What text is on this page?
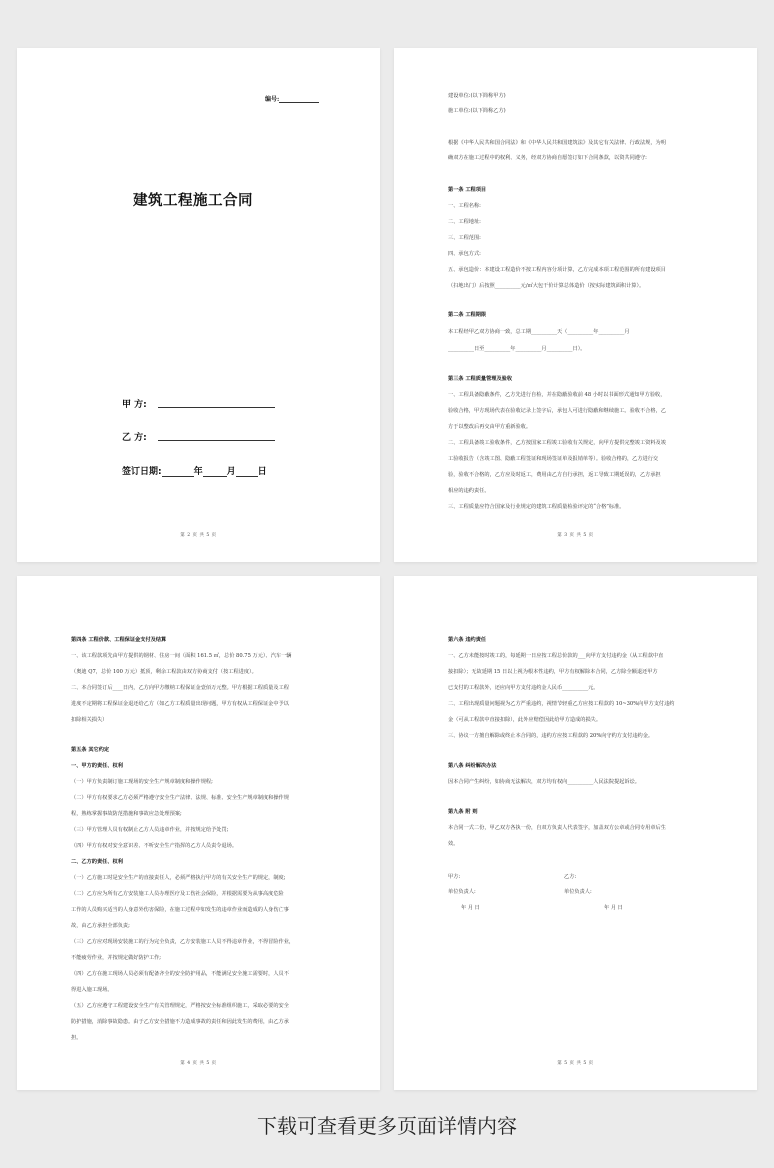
编号:
建筑工程施工合同
甲 方:
乙 方:
签订日期:	年	月 日
第 2 页 共 5 页
建设单位:(以下简称甲方)
施工单位:(以下简称乙方)
根据《中华人民共和国合同法》和《中华人民共和国建筑法》及其它有关法律、行政法规，为明
确双方在施工过程中的权利、义务，经双方协商自愿签订如下合同条款，以资共同遵守:
第一条 工程项目
一、工程名称:
二、工程地址:
三、工程范围:
四、承包方式:
五、承包造价：本建设工程造价不按工程内容分项计算，乙方完成本项工程范围的所有建设项目
（扫地出门）后按照__________元/㎡大包干价计算总体造价（按实际建筑面积计算）。
第二条 工程期限
本工程经甲乙双方协商一致，总工期__________天（__________年__________月
__________日至__________年__________月__________日）。
第三条 工程质量管理及验收
一、工程具备隐蔽条件，乙方先进行自检，并在隐蔽验收前 48 小时以书面形式通知甲方验收，
验收合格，甲方现场代表在验收记录上签字后，承包人可进行隐蔽和继续施工。验收不合格，乙
方于以整改后再交由甲方重新验收。
二、工程具备竣工验收条件，乙方按国家工程竣工验收有关规定，向甲方提供完整竣工资料及竣
工验收报告（含竣工图、隐蔽工程签证和现场签证单及报销单等）。验收合格的，乙方进行交
验，验收不合格的，乙方应及时返工，费用由乙方自行承担，返工导致工期延误的，乙方承担
相应的违约责任。
三、工程质量应符合国家及行业规定的建筑工程质量检验评定的“合格”标准。
第 3 页 共 5 页
第四条 工程价款、工程保证金支付及结算
一、该工程款项先由甲方提供的钢材、住房一间（面积 161.5 ㎡，总价 80.75 万元）、汽车一辆
（奥迪 Q7，总价 100 万元）抵顶，剩余工程款由双方协商支付（按工程进度）。
二、本合同签订后____日内，乙方向甲方缴纳工程保证金壹佰万元整。甲方根据工程质量及工程
进度不定期将工程保证金退还给乙方（如乙方工程质量出现问题，甲方有权从工程保证金中予以
扣除相关损失）
第五条 其它约定
一、甲方的责任、权利
（一）甲方负责制订施工现场的安全生产规章制度和操作规程;
（二）甲方有权要求乙方必须严格遵守安全生产法律、法规、标准、安全生产规章制度和操作规
程，熟练掌握事故防范措施和事故应急处理预案;
（三）甲方管理人员有权制止乙方人员违章作业，并按规定给予处罚;
（四）甲方有权对安全意识差、不听安全生产指挥的乙方人员责令退场。
二、乙方的责任、权利
（一）乙方施工时是安全生产的直接责任人，必须严格执行甲方的有关安全生产的规定，制度;
（二）乙方应为所有乙方安装施工人员办理医疗及工伤社会保险，并根据需要为从事高度危险
工作的人员购买适当的人身意外伤害保险，在施工过程中如发生的违章作业而造成的人身伤亡事
故，由乙方承担全部负责;
（三）乙方应对现场安装施工的行为完全负责，乙方安装施工人员不得违章作业，不得冒险作业，
不能疲劳作业，并按规定做好防护工作;
（四）乙方在施工现场人员必须有配备齐全的安全防护用品，不能满足安全施工需要时，人员不
得进入施工现场。
（五）乙方应遵守工程建设安全生产有关管理规定，严格按安全标准组织施工，采取必要的安全
防护措施，消除事故隐患。由于乙方安全措施不力造成事故的责任和因此发生的费用，由乙方承
担。
第 4 页 共 5 页
第六条 违约责任
一、乙方未能按时竣工的，每延期一日应按工程总价款的___向甲方支付违约金（从工程款中直
接扣除）；无故延期 15 日以上视为根本性违约，甲方有权解除本合同，乙方除全额退还甲方
已支付的工程款外，还应向甲方支付违约金人民币__________元。
二、工程出现质量问题视为乙方严重违约，视情节轻重乙方应按工程款的 10~30%向甲方支付违约
金（可从工程款中直接扣除），此外应赔偿因此给甲方造成的损失。
三、协议一方擅自解除或终止本合同的，违约方应按工程款的 20%向守约方支付违约金。
第八条 纠纷解决办法
因本合同产生纠纷，如协商无法解决，双方均有权向__________人民法院提起诉讼。
第九条 附 则
本合同一式二份，甲乙双方各执一份，自双方负责人代表签字，加盖双方公章或合同专用章后生
效。
甲方:	乙方:
单位负责人:	单位负责人:
年 月 日	年 月 日
第 5 页 共 5 页
下载可查看更多页面详情内容
